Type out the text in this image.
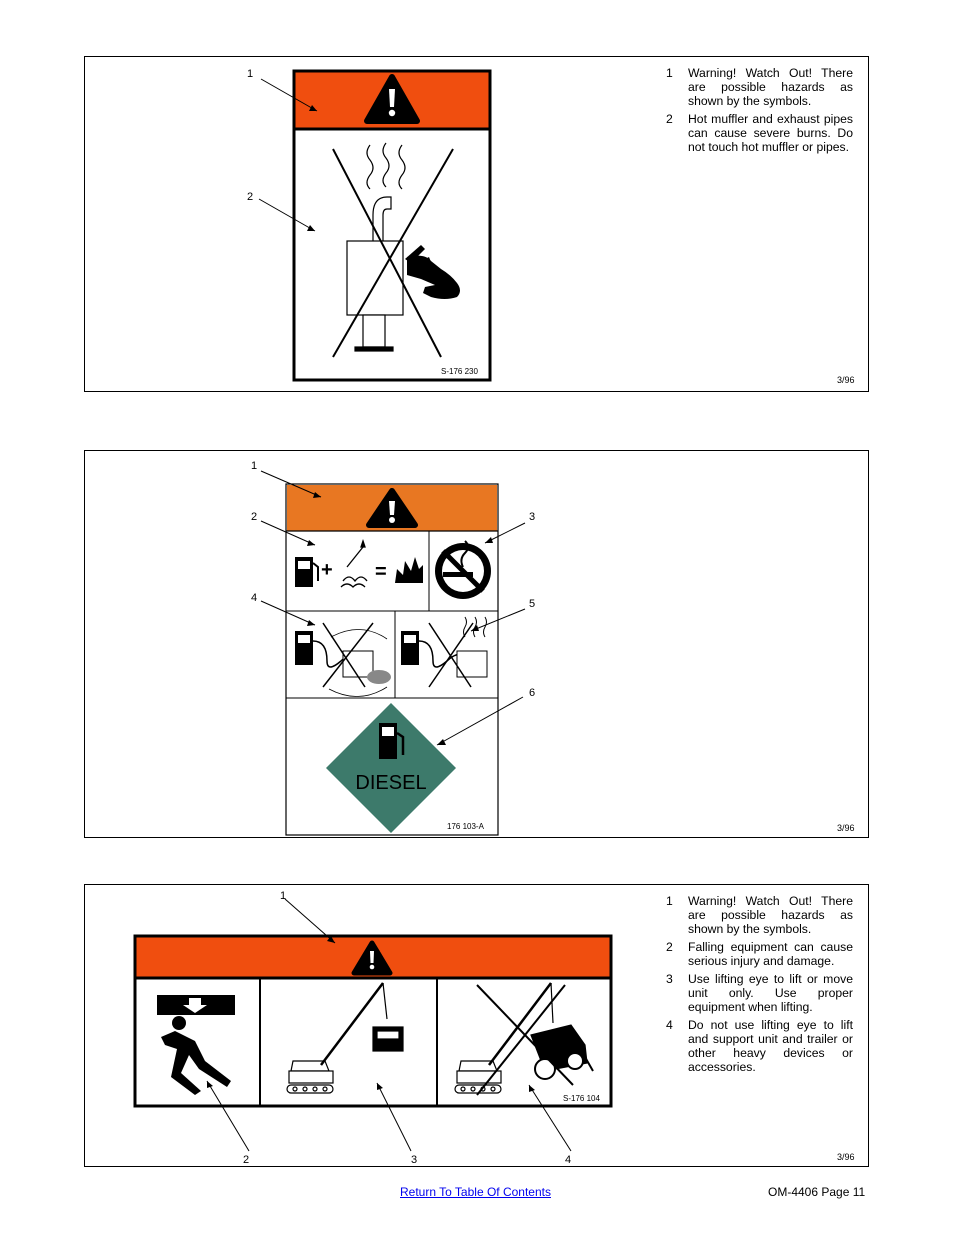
1
2
S-176 230
1 Warning! Watch Out! There are possible hazards as shown by the symbols.
2 Hot muffler and exhaust pipes can cause severe burns. Do not touch hot muffler or pipes.
3/96
+ =
DIESEL
1
2	3
4	5
6
176 103-A	3/96
1
2	3	4
S-176 104
1 Warning! Watch Out! There are possible hazards as shown by the symbols.
2 Falling equipment can cause serious injury and damage.
3 Use lifting eye to lift or move unit only. Use proper equipment when lifting.
4 Do not use lifting eye to lift and support unit and trailer or other heavy devices or accessories.
3/96
Return To Table Of Contents	OM-4406 Page 11
